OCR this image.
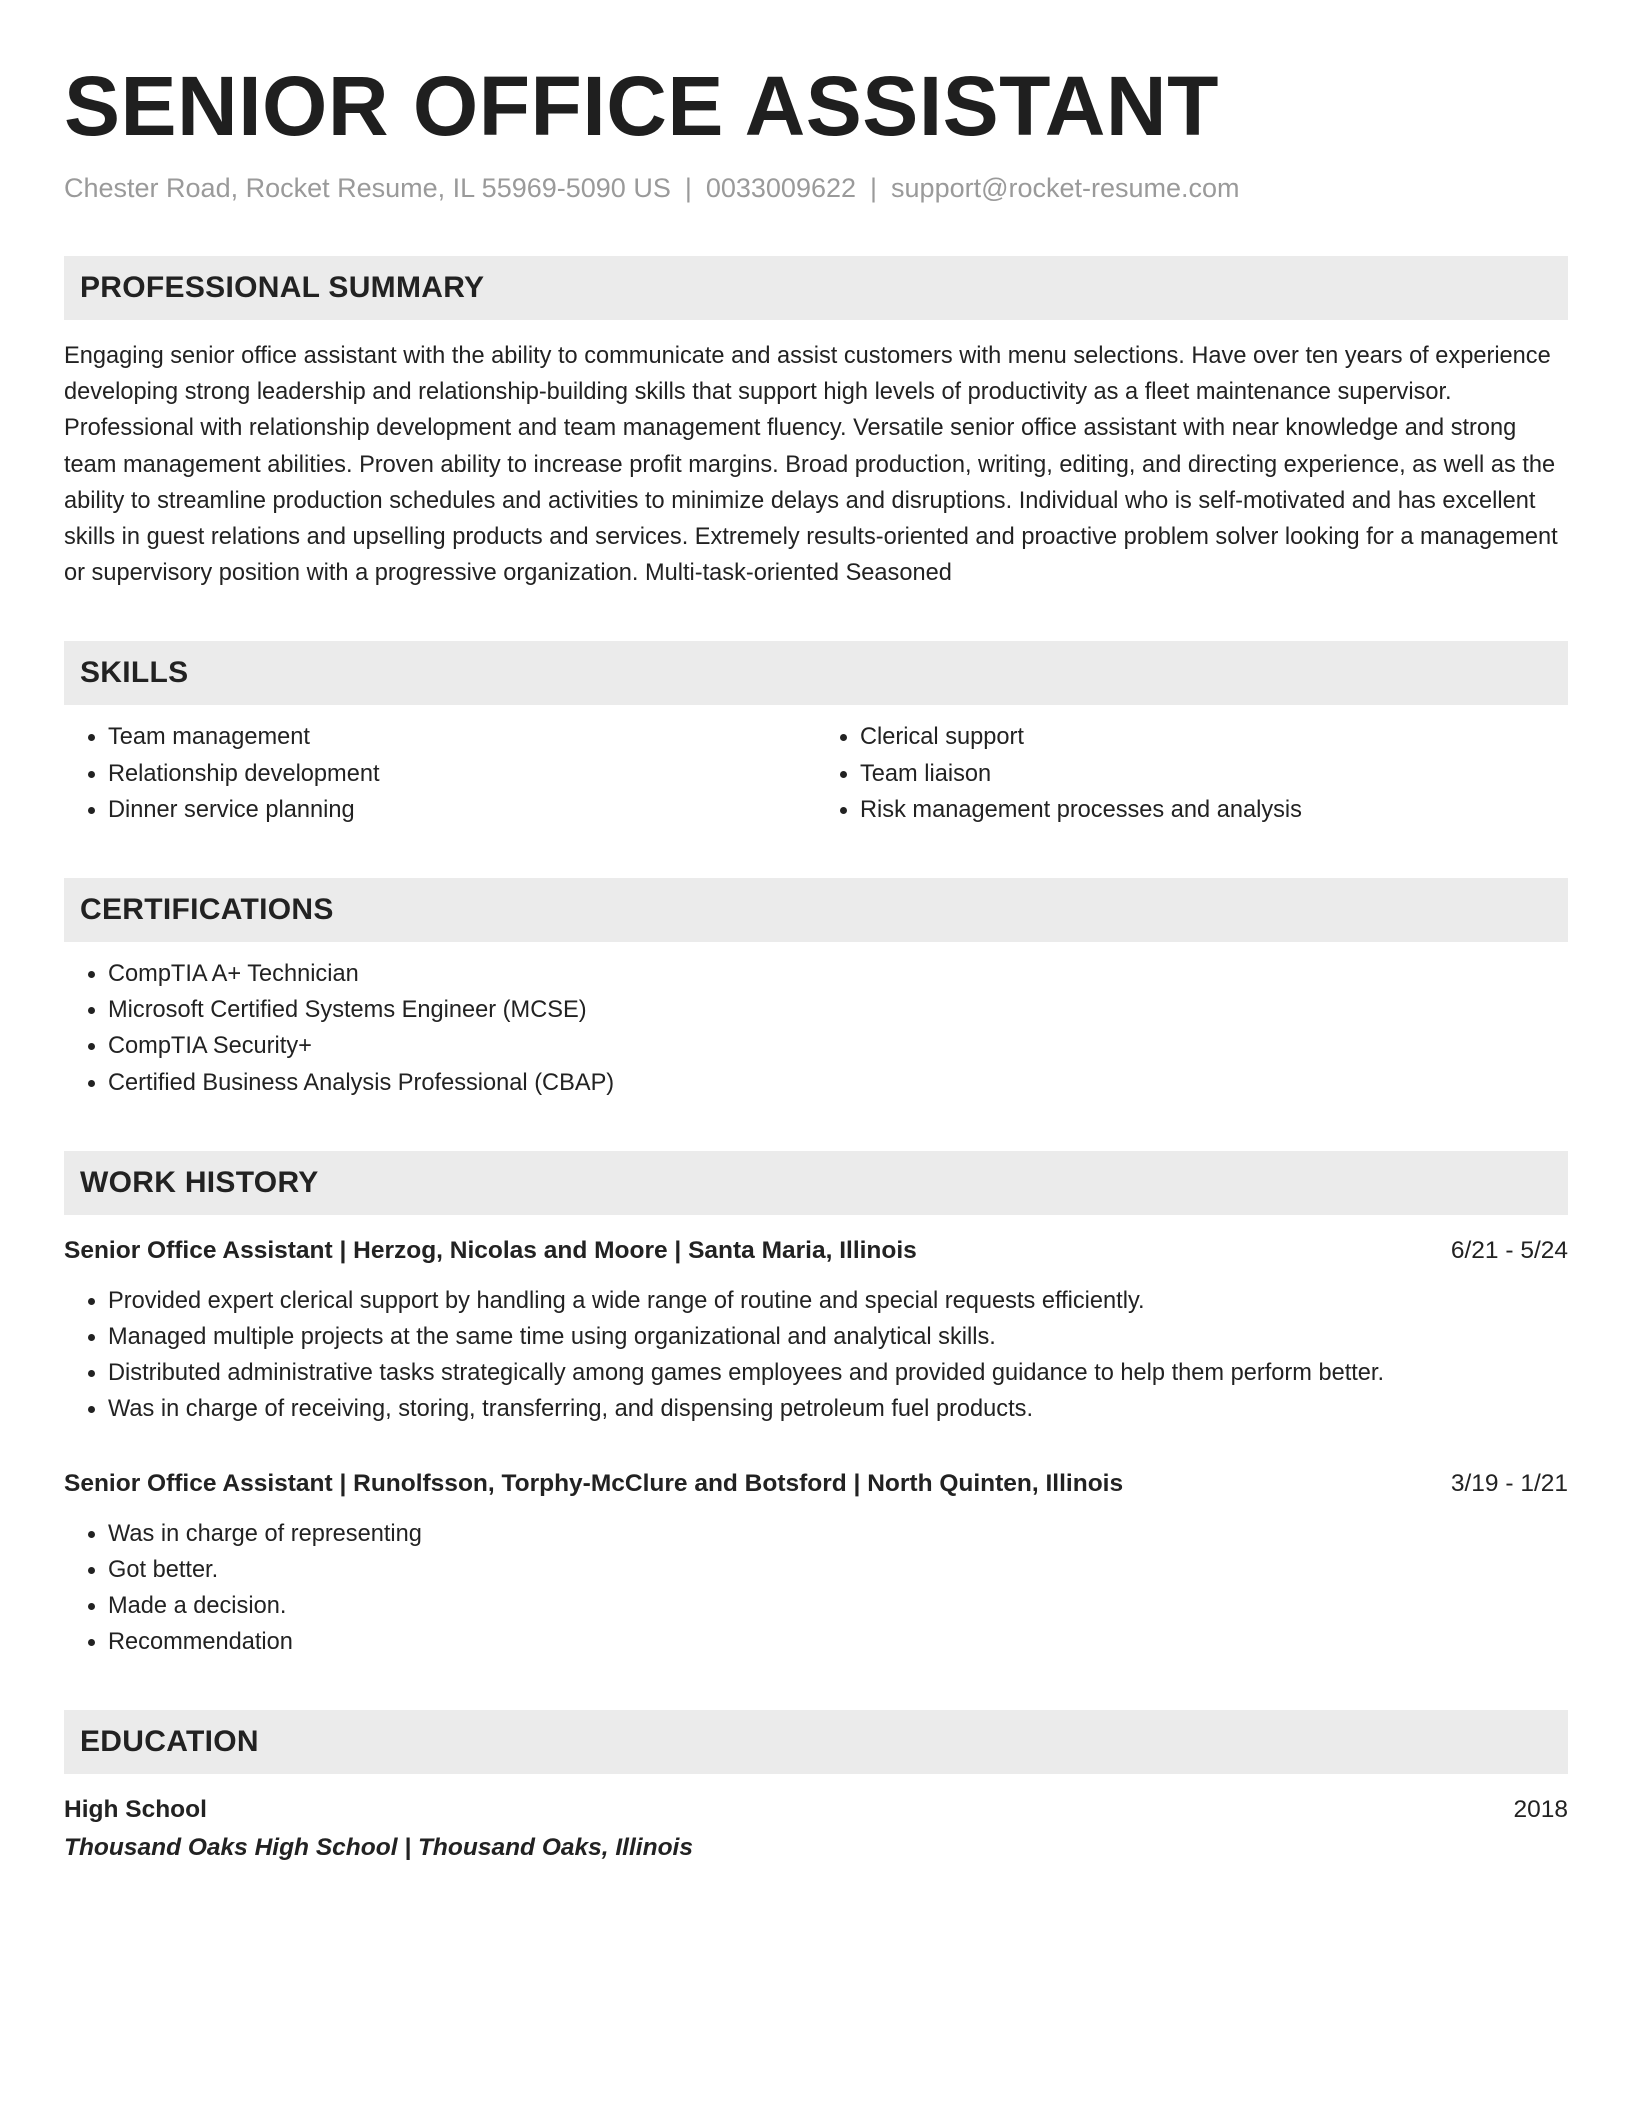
SENIOR OFFICE ASSISTANT
Chester Road, Rocket Resume, IL 55969-5090 US | 0033009622 | support@rocket-resume.com
PROFESSIONAL SUMMARY
Engaging senior office assistant with the ability to communicate and assist customers with menu selections. Have over ten years of experience developing strong leadership and relationship-building skills that support high levels of productivity as a fleet maintenance supervisor. Professional with relationship development and team management fluency. Versatile senior office assistant with near knowledge and strong team management abilities. Proven ability to increase profit margins. Broad production, writing, editing, and directing experience, as well as the ability to streamline production schedules and activities to minimize delays and disruptions. Individual who is self-motivated and has excellent skills in guest relations and upselling products and services. Extremely results-oriented and proactive problem solver looking for a management or supervisory position with a progressive organization. Multi-task-oriented Seasoned
SKILLS
• Team management
• Relationship development
• Dinner service planning
• Clerical support
• Team liaison
• Risk management processes and analysis
CERTIFICATIONS
• CompTIA A+ Technician
• Microsoft Certified Systems Engineer (MCSE)
• CompTIA Security+
• Certified Business Analysis Professional (CBAP)
WORK HISTORY
Senior Office Assistant | Herzog, Nicolas and Moore | Santa Maria, Illinois	6/21 - 5/24
• Provided expert clerical support by handling a wide range of routine and special requests efficiently.
• Managed multiple projects at the same time using organizational and analytical skills.
• Distributed administrative tasks strategically among games employees and provided guidance to help them perform better.
• Was in charge of receiving, storing, transferring, and dispensing petroleum fuel products.
Senior Office Assistant | Runolfsson, Torphy-McClure and Botsford | North Quinten, Illinois	3/19 - 1/21
• Was in charge of representing
• Got better.
• Made a decision.
• Recommendation
EDUCATION
High School	2018
Thousand Oaks High School | Thousand Oaks, Illinois
